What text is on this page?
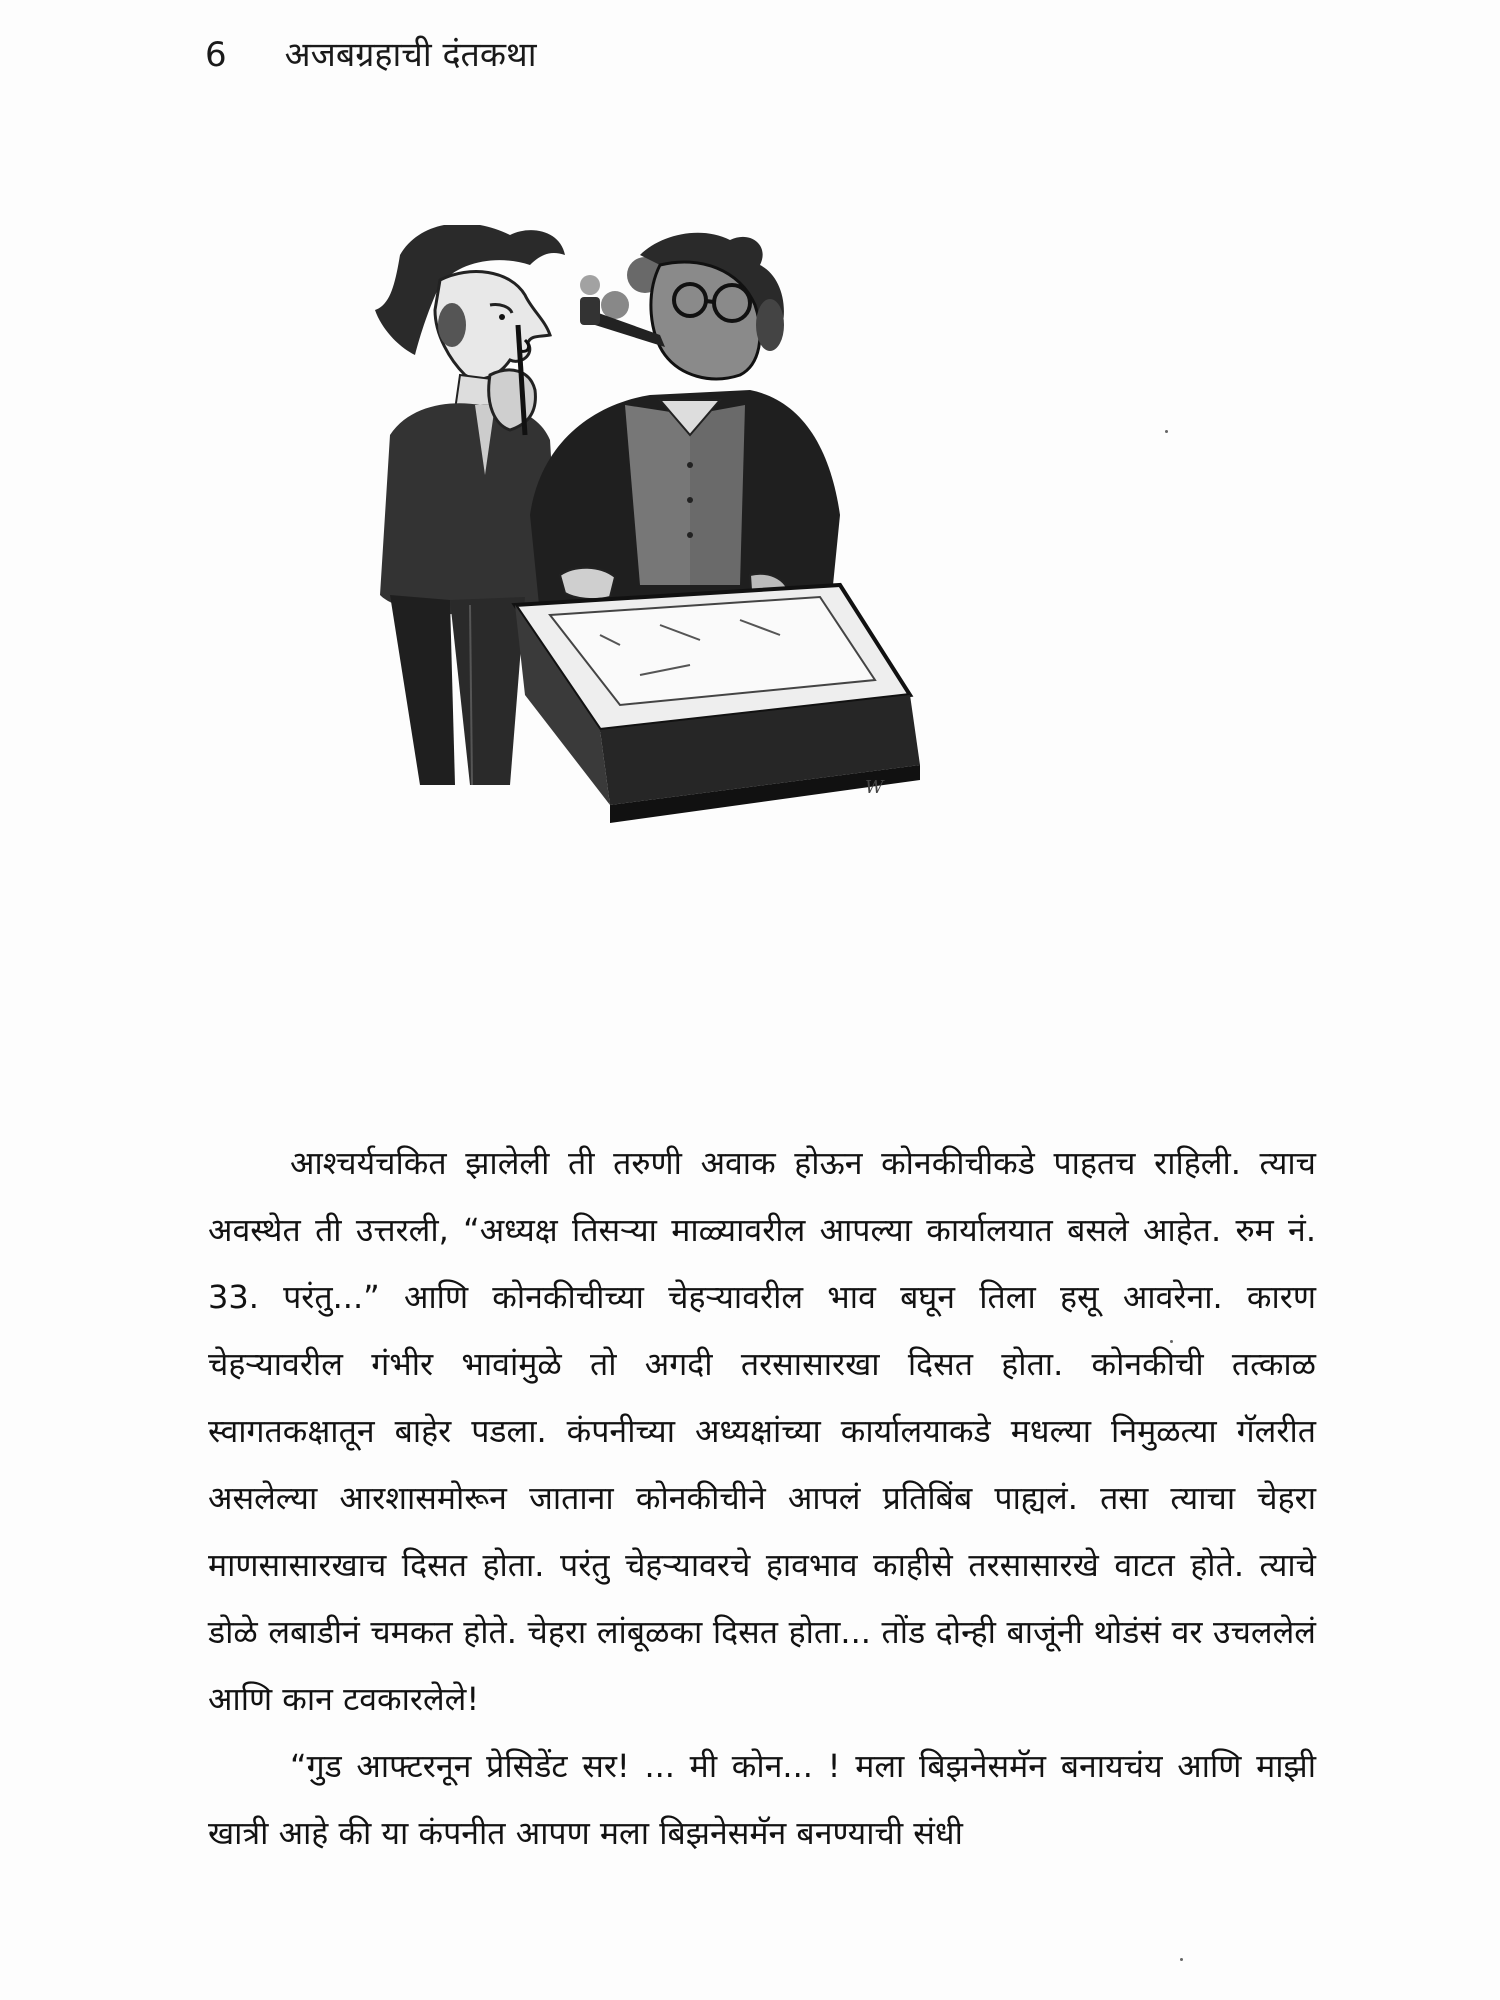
6 अजबग्रहाची दंतकथा
W

आश्चर्यचकित झालेली ती तरुणी अवाक होऊन कोनकीचीकडे पाहतच राहिली. त्याच अवस्थेत ती उत्तरली, “अध्यक्ष तिसऱ्या माळ्यावरील आपल्या कार्यालयात बसले आहेत. रुम नं. 33. परंतु...” आणि कोनकीचीच्या चेहऱ्यावरील भाव बघून तिला हसू आवरेना. कारण चेहऱ्यावरील गंभीर भावांमुळे तो अगदी तरसासारखा दिसत होता. कोनकीची तत्काळ स्वागतकक्षातून बाहेर पडला. कंपनीच्या अध्यक्षांच्या कार्यालयाकडे मधल्या निमुळत्या गॅलरीत असलेल्या आरशासमोरून जाताना कोनकीचीने आपलं प्रतिबिंब पाह्यलं. तसा त्याचा चेहरा माणसासारखाच दिसत होता. परंतु चेहऱ्यावरचे हावभाव काहीसे तरसासारखे वाटत होते. त्याचे डोळे लबाडीनं चमकत होते. चेहरा लांबूळका दिसत होता... तोंड दोन्ही बाजूंनी थोडंसं वर उचललेलं आणि कान टवकारलेले!

“गुड आफ्टरनून प्रेसिडेंट सर! ... मी कोन... ! मला बिझनेसमॅन बनायचंय आणि माझी खात्री आहे की या कंपनीत आपण मला बिझनेसमॅन बनण्याची संधी
